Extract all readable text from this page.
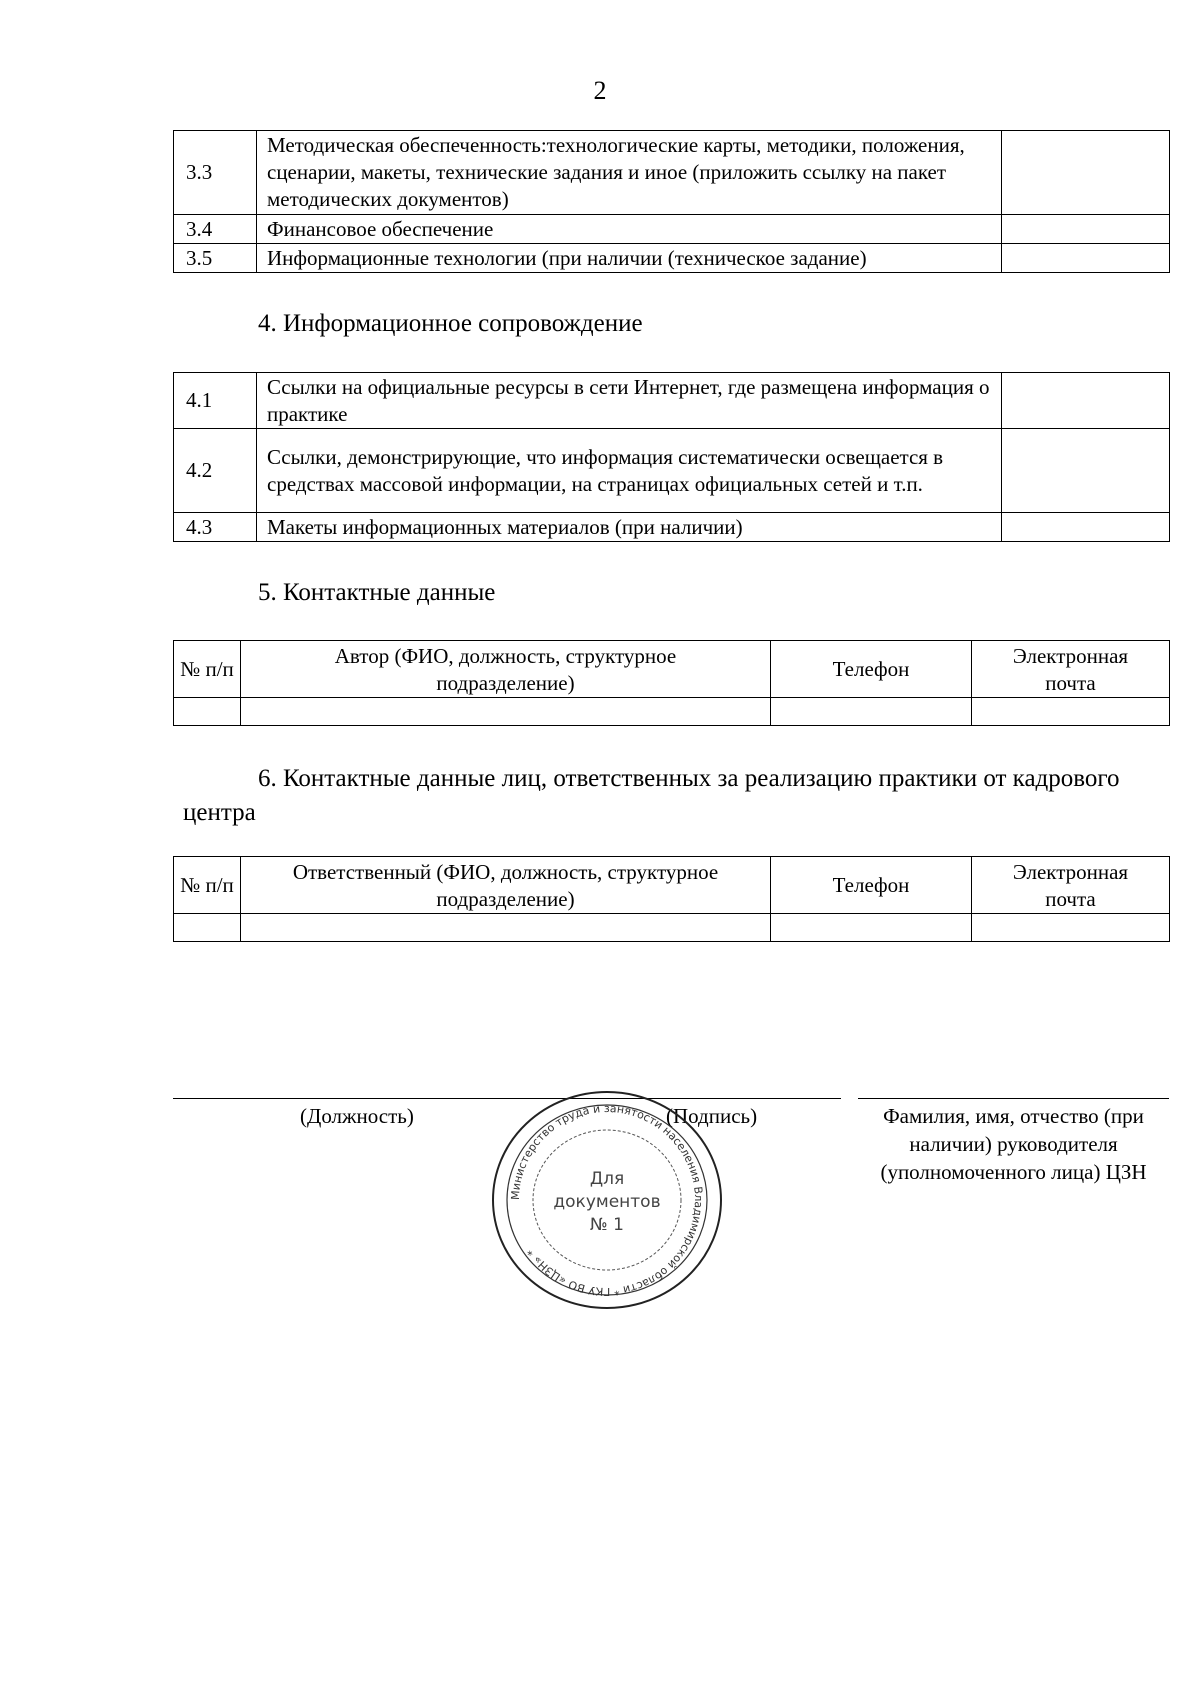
2
3.3	Методическая обеспеченность:технологические карты, методики, положения, сценарии, макеты, технические задания и иное (приложить ссылку на пакет методических документов)	
3.4	Финансовое обеспечение	
3.5	Информационные технологии (при наличии (техническое задание)	
4. Информационное сопровождение
4.1	Ссылки на официальные ресурсы в сети Интернет, где размещена информация о практике	
4.2	Ссылки, демонстрирующие, что информация систематически освещается в средствах массовой информации, на страницах официальных сетей и т.п.	
4.3	Макеты информационных материалов (при наличии)	
5. Контактные данные
№ п/п	Автор (ФИО, должность, структурное подразделение)	Телефон	Электронная почта

6. Контактные данные лиц, ответственных за реализацию практики от кадрового центра
№ п/п	Ответственный (ФИО, должность, структурное подразделение)	Телефон	Электронная почта

(Должность)	(Подпись)	Фамилия, имя, отчество (при наличии) руководителя (уполномоченного лица) ЦЗН
Министерство труда и занятости населения Владимирской области * ГКУ ВО «ЦЗН» *
Для
документов
№ 1
